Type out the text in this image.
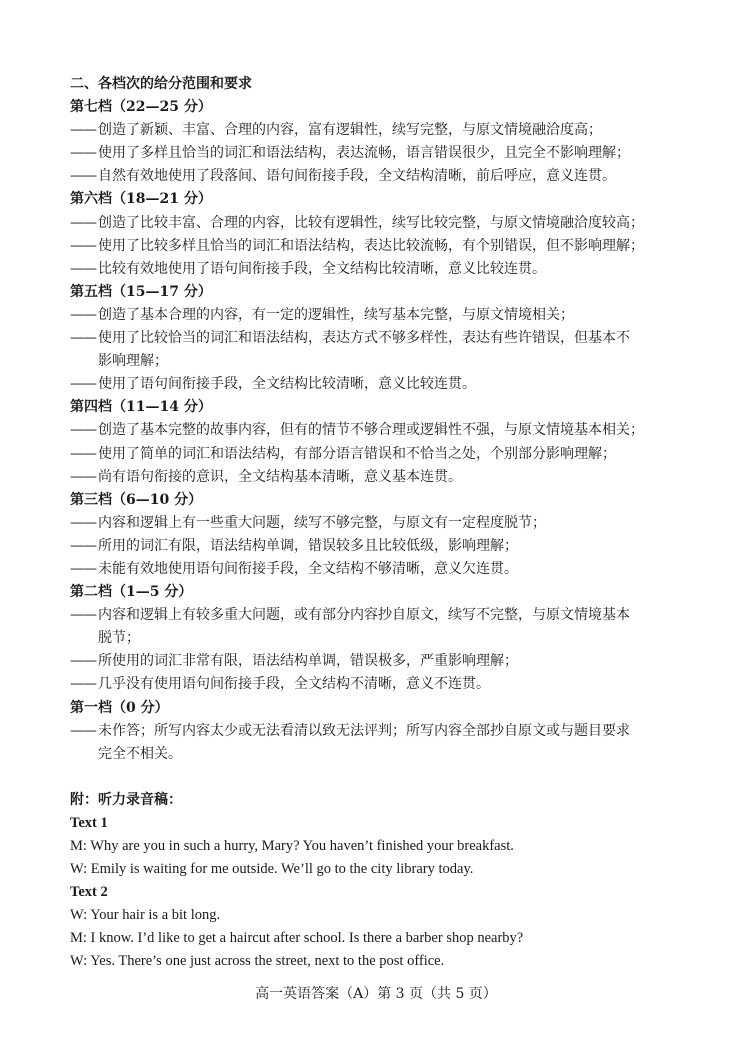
二、各档次的给分范围和要求
第七档（22—25 分）
—— 创造了新颖、丰富、合理的内容，富有逻辑性，续写完整，与原文情境融洽度高；
—— 使用了多样且恰当的词汇和语法结构，表达流畅，语言错误很少，且完全不影响理解；
—— 自然有效地使用了段落间、语句间衔接手段，全文结构清晰，前后呼应，意义连贯。
第六档（18—21 分）
—— 创造了比较丰富、合理的内容，比较有逻辑性，续写比较完整，与原文情境融洽度较高；
—— 使用了比较多样且恰当的词汇和语法结构，表达比较流畅，有个别错误，但不影响理解；
—— 比较有效地使用了语句间衔接手段，全文结构比较清晰，意义比较连贯。
第五档（15—17 分）
—— 创造了基本合理的内容，有一定的逻辑性，续写基本完整，与原文情境相关；
—— 使用了比较恰当的词汇和语法结构，表达方式不够多样性，表达有些许错误，但基本不
影响理解；
—— 使用了语句间衔接手段，全文结构比较清晰，意义比较连贯。
第四档（11—14 分）
—— 创造了基本完整的故事内容，但有的情节不够合理或逻辑性不强，与原文情境基本相关；
—— 使用了简单的词汇和语法结构，有部分语言错误和不恰当之处，个别部分影响理解；
—— 尚有语句衔接的意识，全文结构基本清晰，意义基本连贯。
第三档（6—10 分）
—— 内容和逻辑上有一些重大问题，续写不够完整，与原文有一定程度脱节；
—— 所用的词汇有限，语法结构单调，错误较多且比较低级，影响理解；
—— 未能有效地使用语句间衔接手段，全文结构不够清晰，意义欠连贯。
第二档（1—5 分）
—— 内容和逻辑上有较多重大问题，或有部分内容抄自原文，续写不完整，与原文情境基本
脱节；
—— 所使用的词汇非常有限，语法结构单调，错误极多，严重影响理解；
—— 几乎没有使用语句间衔接手段，全文结构不清晰，意义不连贯。
第一档（0 分）
—— 未作答；所写内容太少或无法看清以致无法评判；所写内容全部抄自原文或与题目要求
完全不相关。
附：听力录音稿：
Text 1
M: Why are you in such a hurry, Mary? You haven’t finished your breakfast.
W: Emily is waiting for me outside. We’ll go to the city library today.
Text 2
W: Your hair is a bit long.
M: I know. I’d like to get a haircut after school. Is there a barber shop nearby?
W: Yes. There’s one just across the street, next to the post office.
高一英语答案（A）第 3 页（共 5 页）
